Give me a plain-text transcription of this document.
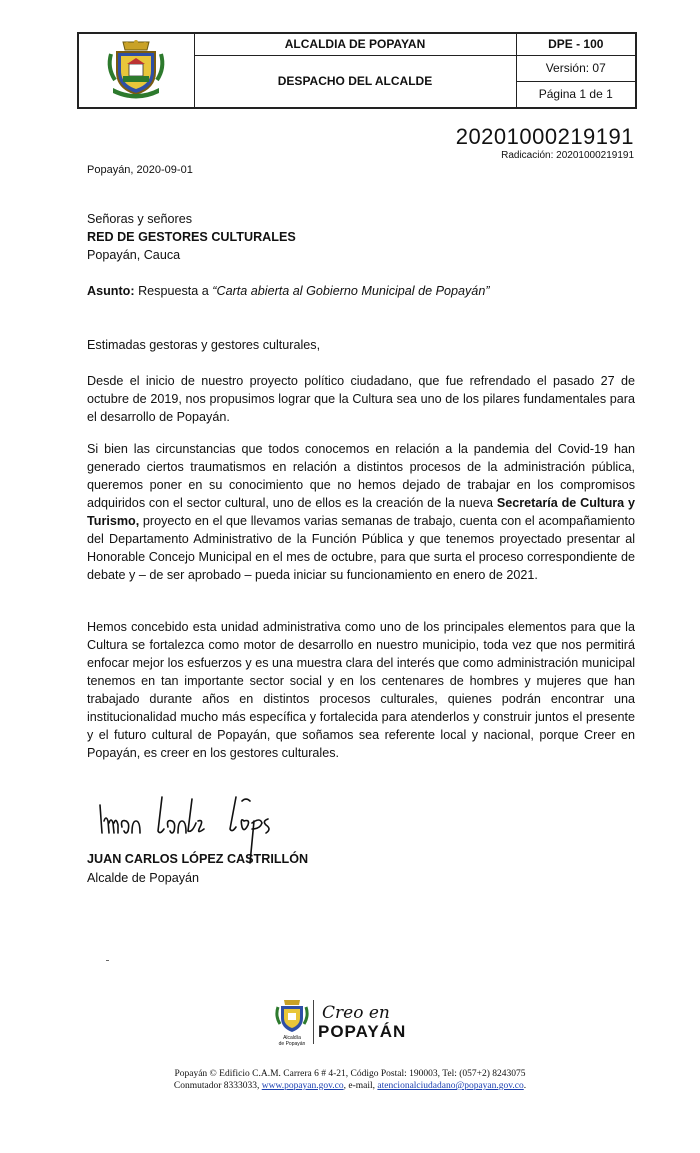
	ALCALDIA DE POPAYAN	DPE - 100
	DESPACHO DEL ALCALDE	Versión: 07
		Página 1 de 1
20201000219191
Radicación: 20201000219191
Popayán, 2020-09-01
Señoras y señores
RED DE GESTORES CULTURALES
Popayán, Cauca
Asunto: Respuesta a “Carta abierta al Gobierno Municipal de Popayán”
Estimadas gestoras y gestores culturales,
Desde el inicio de nuestro proyecto político ciudadano, que fue refrendado el pasado 27 de octubre de 2019, nos propusimos lograr que la Cultura sea uno de los pilares fundamentales para el desarrollo de Popayán.
Si bien las circunstancias que todos conocemos en relación a la pandemia del Covid-19 han generado ciertos traumatismos en relación a distintos procesos de la administración pública, queremos poner en su conocimiento que no hemos dejado de trabajar en los compromisos adquiridos con el sector cultural, uno de ellos es la creación de la nueva Secretaría de Cultura y Turismo, proyecto en el que llevamos varias semanas de trabajo, cuenta con el acompañamiento del Departamento Administrativo de la Función Pública y que tenemos proyectado presentar al Honorable Concejo Municipal en el mes de octubre, para que surta el proceso correspondiente de debate y – de ser aprobado – pueda iniciar su funcionamiento en enero de 2021.
Hemos concebido esta unidad administrativa como uno de los principales elementos para que la Cultura se fortalezca como motor de desarrollo en nuestro municipio, toda vez que nos permitirá enfocar mejor los esfuerzos y es una muestra clara del interés que como administración municipal tenemos en tan importante sector social y en los centenares de hombres y mujeres que han trabajado durante años en distintos procesos culturales, quienes podrán encontrar una institucionalidad mucho más específica y fortalecida para atenderlos y construir juntos el presente y el futuro cultural de Popayán, que soñamos sea referente local y nacional, porque Creer en Popayán, es creer en los gestores culturales.
JUAN CARLOS LÓPEZ CASTRILLÓN
Alcalde de Popayán
Alcaldía
de Popayán
Creo en
POPAYÁN
Popayán © Edificio C.A.M. Carrera 6 # 4-21, Código Postal: 190003, Tel: (057+2) 8243075
Conmutador 8333033, www.popayan.gov.co, e-mail, atencionalciudadano@popayan.gov.co.
